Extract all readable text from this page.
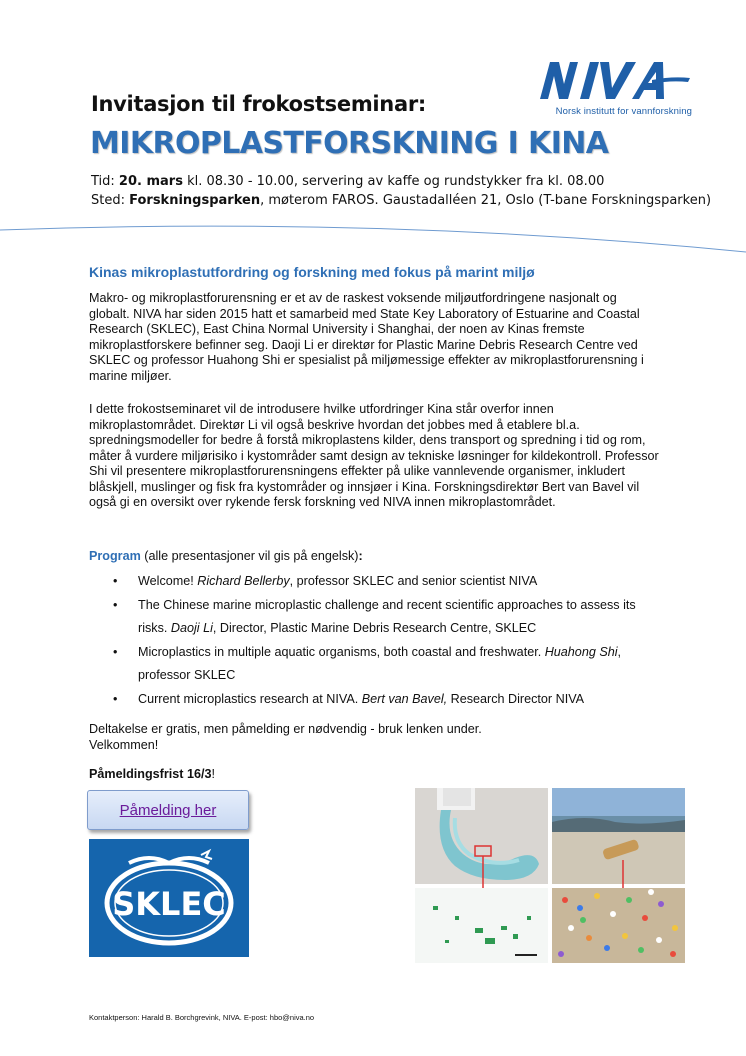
Norsk institutt for vannforskning
Invitasjon til frokostseminar:
MIKROPLASTFORSKNING I KINA
Tid: 20. mars kl. 08.30 - 10.00, servering av kaffe og rundstykker fra kl. 08.00
Sted: Forskningsparken, møterom FAROS. Gaustadalléen 21, Oslo (T-bane Forskningsparken)
Kinas mikroplastutfordring og forskning med fokus på marint miljø
Makro- og mikroplastforurensning er et av de raskest voksende miljøutfordringene nasjonalt og globalt. NIVA har siden 2015 hatt et samarbeid med State Key Laboratory of Estuarine and Coastal Research (SKLEC), East China Normal University i Shanghai, der noen av Kinas fremste mikroplastforskere befinner seg. Daoji Li er direktør for Plastic Marine Debris Research Centre ved SKLEC og professor Huahong Shi er spesialist på miljømessige effekter av mikroplastforurensning i marine miljøer.
I dette frokostseminaret vil de introdusere hvilke utfordringer Kina står overfor innen mikroplastområdet. Direktør Li vil også beskrive hvordan det jobbes med å etablere bl.a. spredningsmodeller for bedre å forstå mikroplastens kilder, dens transport og spredning i tid og rom, måter å vurdere miljørisiko i kystområder samt design av tekniske løsninger for kildekontroll. Professor Shi vil presentere mikroplastforurensningens effekter på ulike vannlevende organismer, inkludert blåskjell, muslinger og fisk fra kystområder og innsjøer i Kina. Forskningsdirektør Bert van Bavel vil også gi en oversikt over rykende fersk forskning ved NIVA innen mikroplastområdet.
Program (alle presentasjoner vil gis på engelsk):
• Welcome! Richard Bellerby, professor SKLEC and senior scientist NIVA
• The Chinese marine microplastic challenge and recent scientific approaches to assess its risks. Daoji Li, Director, Plastic Marine Debris Research Centre, SKLEC
• Microplastics in multiple aquatic organisms, both coastal and freshwater. Huahong Shi, professor SKLEC
• Current microplastics research at NIVA. Bert van Bavel, Research Director NIVA
Deltakelse er gratis, men påmelding er nødvendig - bruk lenken under.
Velkommen!
Påmeldingsfrist 16/3!
Påmelding her
SKLEC
Kontaktperson: Harald B. Borchgrevink, NIVA. E-post: hbo@niva.no
